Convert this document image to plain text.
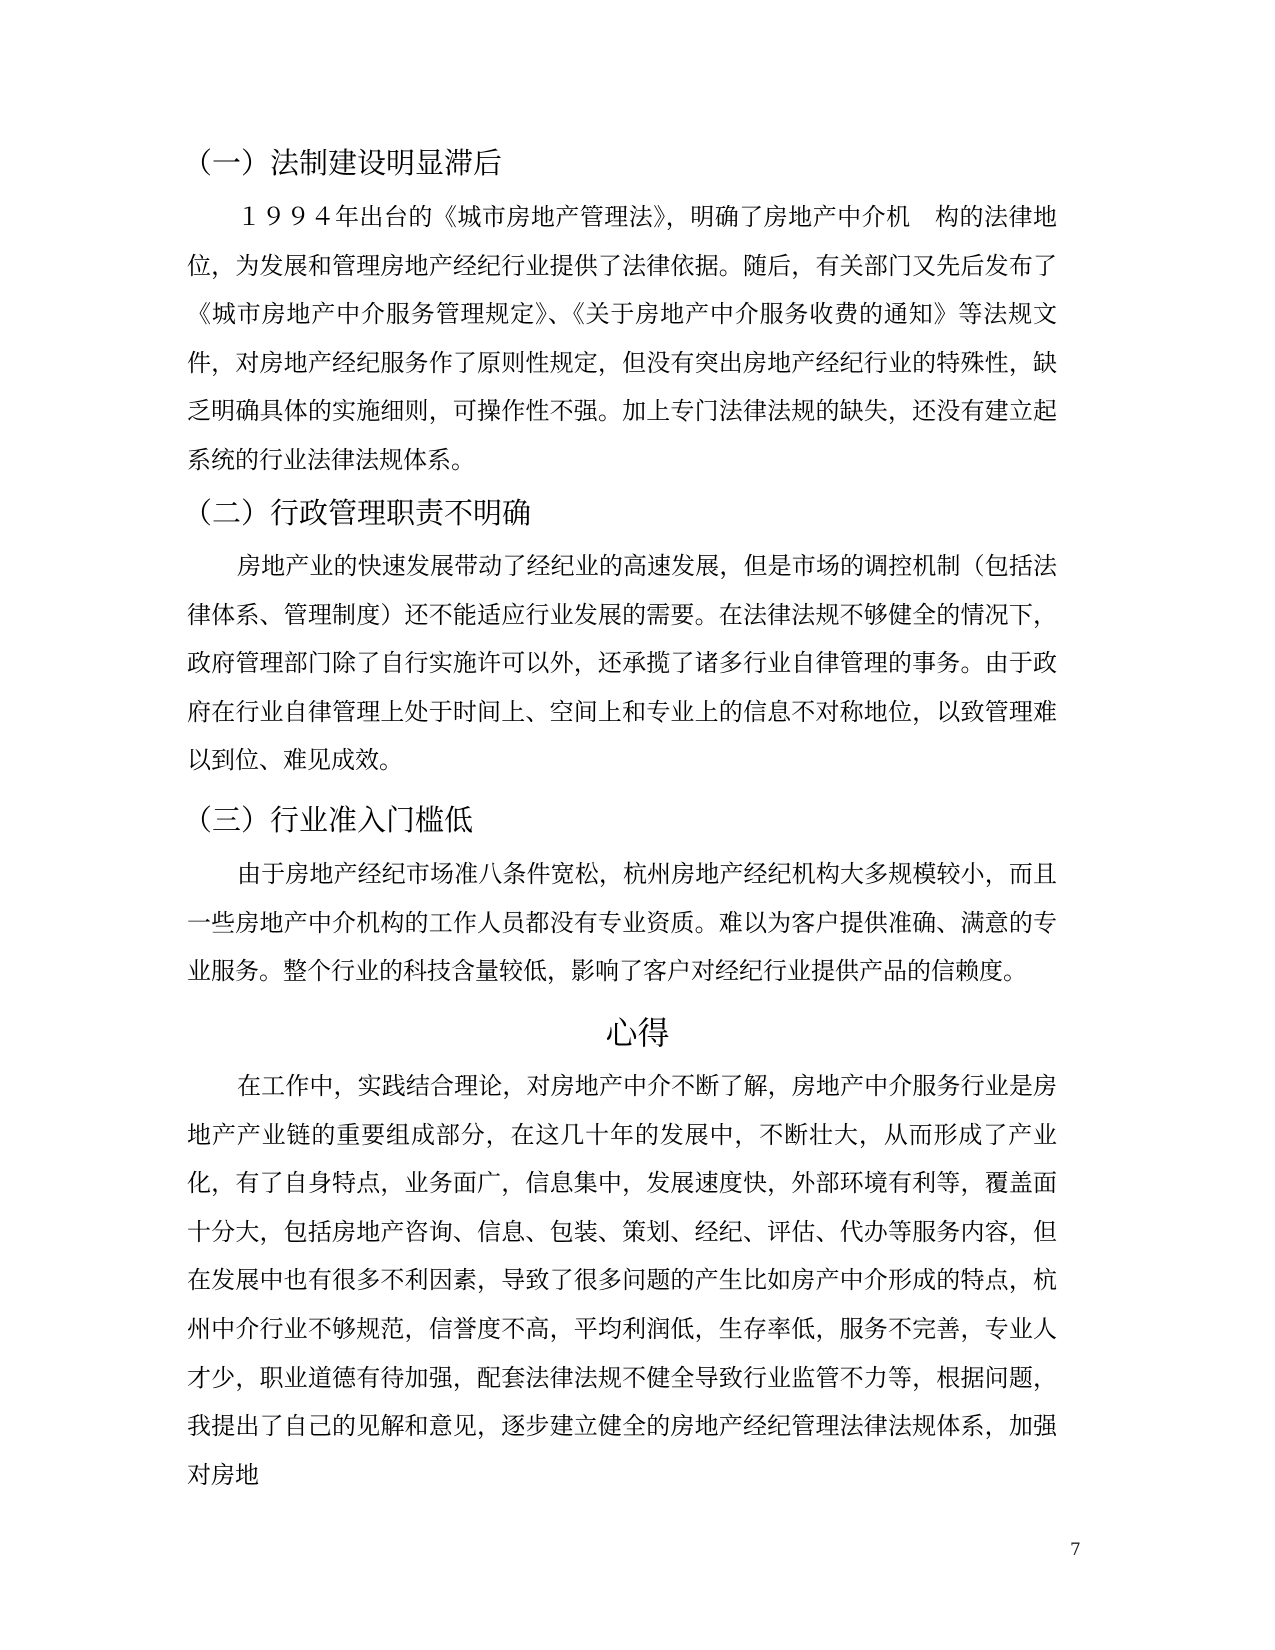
（一）法制建设明显滞后

１９９４年出台的《城市房地产管理法》，明确了房地产中介机　构的法律地位，为发展和管理房地产经纪行业提供了法律依据。随后，有关部门又先后发布了《城市房地产中介服务管理规定》、《关于房地产中介服务收费的通知》等法规文件，对房地产经纪服务作了原则性规定，但没有突出房地产经纪行业的特殊性，缺乏明确具体的实施细则，可操作性不强。加上专门法律法规的缺失，还没有建立起系统的行业法律法规体系。

（二）行政管理职责不明确

房地产业的快速发展带动了经纪业的高速发展，但是市场的调控机制（包括法律体系、管理制度）还不能适应行业发展的需要。在法律法规不够健全的情况下，政府管理部门除了自行实施许可以外，还承揽了诸多行业自律管理的事务。由于政府在行业自律管理上处于时间上、空间上和专业上的信息不对称地位，以致管理难以到位、难见成效。

（三）行业准入门槛低

由于房地产经纪市场准八条件宽松，杭州房地产经纪机构大多规模较小，而且一些房地产中介机构的工作人员都没有专业资质。难以为客户提供准确、满意的专业服务。整个行业的科技含量较低，影响了客户对经纪行业提供产品的信赖度。

心得

在工作中，实践结合理论，对房地产中介不断了解，房地产中介服务行业是房地产产业链的重要组成部分，在这几十年的发展中，不断壮大，从而形成了产业化，有了自身特点，业务面广，信息集中，发展速度快，外部环境有利等，覆盖面十分大，包括房地产咨询、信息、包装、策划、经纪、评估、代办等服务内容，但在发展中也有很多不利因素，导致了很多问题的产生比如房产中介形成的特点，杭州中介行业不够规范，信誉度不高，平均利润低，生存率低，服务不完善，专业人才少，职业道德有待加强，配套法律法规不健全导致行业监管不力等，根据问题，我提出了自己的见解和意见，逐步建立健全的房地产经纪管理法律法规体系，加强对房地

7
